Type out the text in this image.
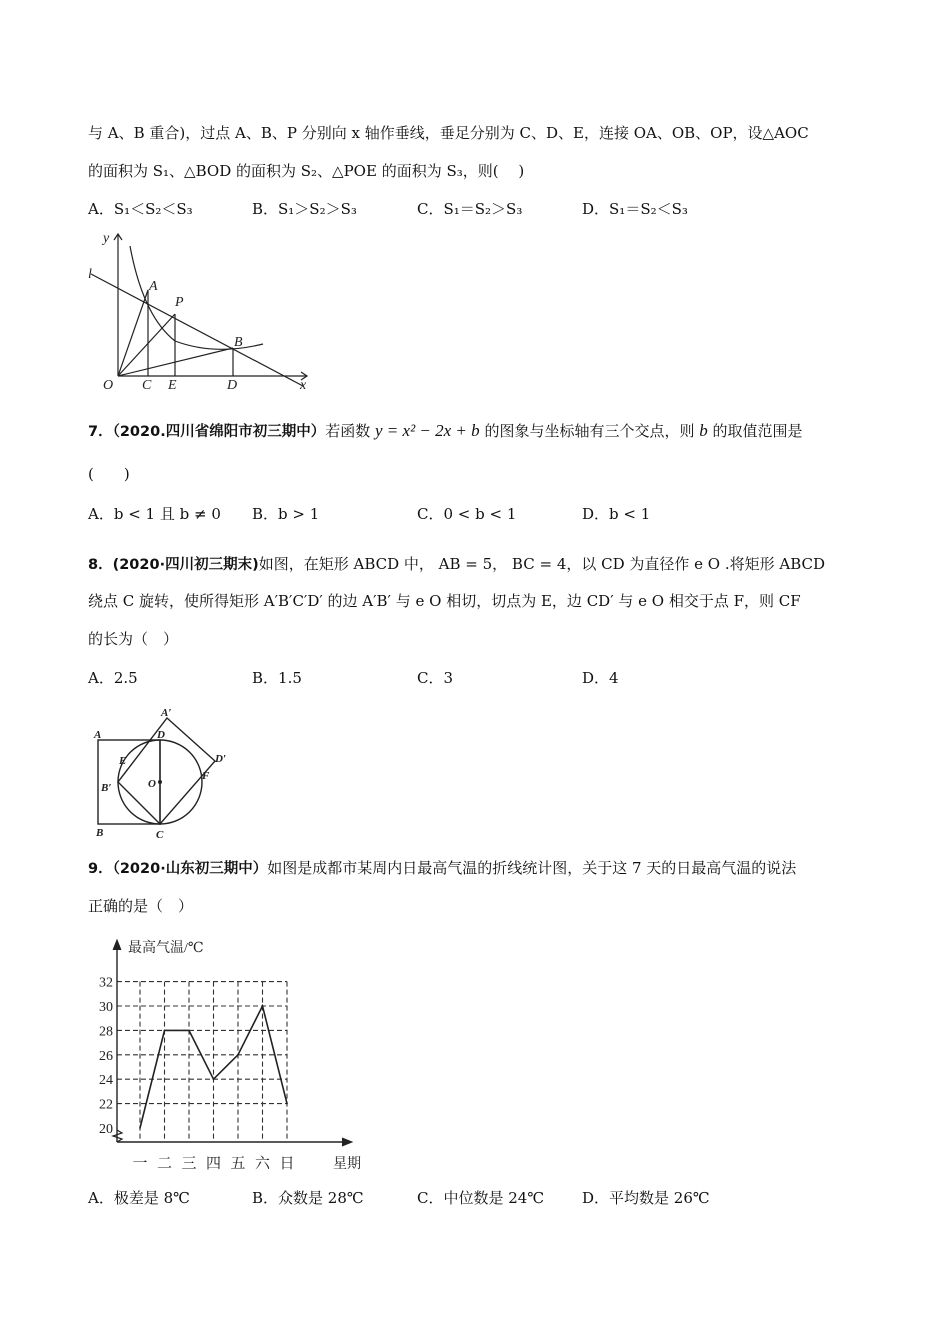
与 A、B 重合)，过点 A、B、P 分别向 x 轴作垂线，垂足分别为 C、D、E，连接 OA、OB、OP，设△AOC
的面积为 S₁、△BOD 的面积为 S₂、△POE 的面积为 S₃，则(　 )
A．S₁＜S₂＜S₃	B．S₁＞S₂＞S₃	C．S₁＝S₂＞S₃	D．S₁＝S₂＜S₃
y
l
A
P
B
O C E	D	x
7．（2020.四川省绵阳市初三期中）若函数 y = x² − 2x + b 的图象与坐标轴有三个交点，则 b 的取值范围是
(　　)
A．b < 1 且 b ≠ 0 B．b > 1	C．0 < b < 1	D．b < 1
8．(2020·四川初三期末)如图，在矩形 ABCD 中， AB = 5， BC = 4，以 CD 为直径作 e O .将矩形 ABCD
绕点 C 旋转，使所得矩形 A′B′C′D′ 的边 A′B′ 与 e O 相切，切点为 E，边 CD′ 与 e O 相交于点 F，则 CF
的长为（　）
A．2.5	B．1.5	C．3	D．4
A′
A	D
D′
E
O
F
B′
B	C
9．（2020·山东初三期中）如图是成都市某周内日最高气温的折线统计图，关于这 7 天的日最高气温的说法
正确的是（　）
最高气温/℃
星期
20
22
24
26
28
30
32
一 二 三 四 五 六 日
A．极差是 8℃	B．众数是 28℃	C．中位数是 24℃	D．平均数是 26℃
